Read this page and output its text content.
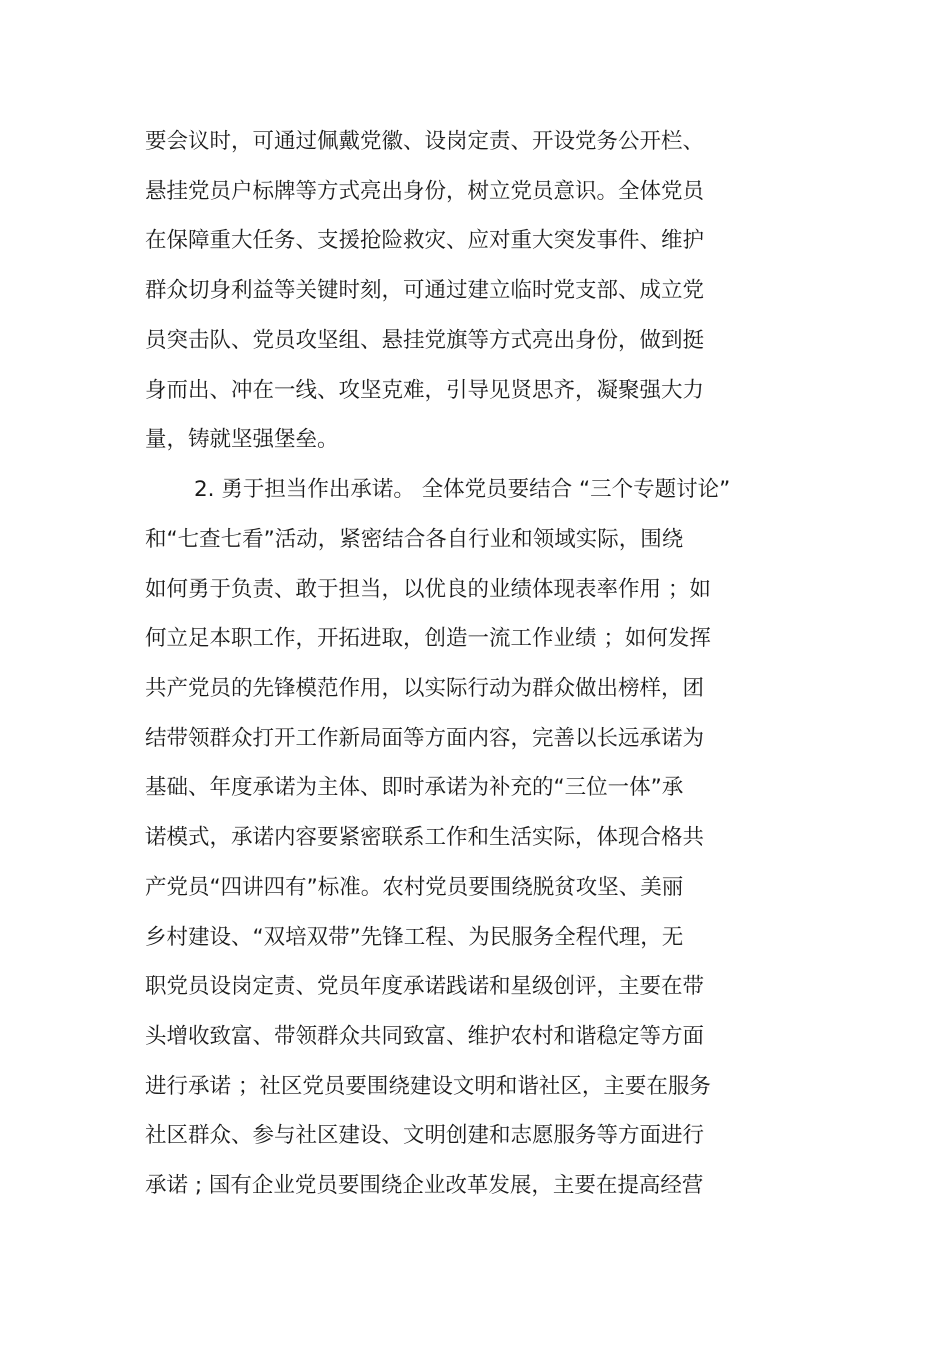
要会议时，可通过佩戴党徽、设岗定责、开设党务公开栏、

悬挂党员户标牌等方式亮出身份，树立党员意识。全体党员

在保障重大任务、支援抢险救灾、应对重大突发事件、维护

群众切身利益等关键时刻，可通过建立临时党支部、成立党

员突击队、党员攻坚组、悬挂党旗等方式亮出身份，做到挺

身而出、冲在一线、攻坚克难，引导见贤思齐，凝聚强大力

量，铸就坚强堡垒。

2. 勇于担当作出承诺。 全体党员要结合 “三个专题讨论”

和“七查七看”活动，紧密结合各自行业和领域实际，围绕

如何勇于负责、敢于担当，以优良的业绩体现表率作用 ；如

何立足本职工作，开拓进取，创造一流工作业绩 ；如何发挥

共产党员的先锋模范作用，以实际行动为群众做出榜样，团

结带领群众打开工作新局面等方面内容，完善以长远承诺为

基础、年度承诺为主体、即时承诺为补充的“三位一体”承

诺模式，承诺内容要紧密联系工作和生活实际，体现合格共

产党员“四讲四有”标准。农村党员要围绕脱贫攻坚、美丽

乡村建设、“双培双带”先锋工程、为民服务全程代理，无

职党员设岗定责、党员年度承诺践诺和星级创评，主要在带

头增收致富、带领群众共同致富、维护农村和谐稳定等方面

进行承诺 ；社区党员要围绕建设文明和谐社区，主要在服务

社区群众、参与社区建设、文明创建和志愿服务等方面进行

承诺 ; 国有企业党员要围绕企业改革发展，主要在提高经营
